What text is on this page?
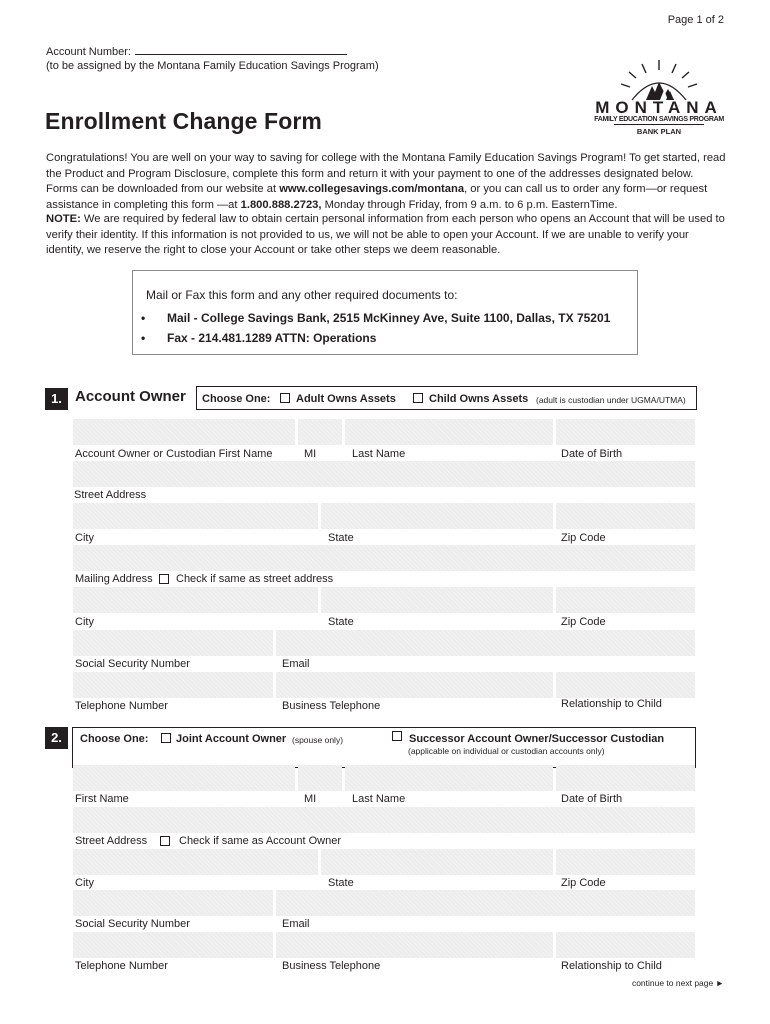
Page 1 of 2
Account Number:
(to be assigned by the Montana Family Education Savings Program)
Enrollment Change Form
MONTANA
FAMILY EDUCATION SAVINGS PROGRAM
BANK PLAN

Congratulations! You are well on your way to saving for college with the Montana Family Education Savings Program! To get started, read the Product and Program Disclosure, complete this form and return it with your payment to one of the addresses designated below. Forms can be downloaded from our website at www.collegesavings.com/montana, or you can call us to order any form—or request assistance in completing this form —at 1.800.888.2723, Monday through Friday, from 9 a.m. to 6 p.m. EasternTime.

NOTE: We are required by federal law to obtain certain personal information from each person who opens an Account that will be used to verify their identity. If this information is not provided to us, we will not be able to open your Account. If we are unable to verify your identity, we reserve the right to close your Account or take other steps we deem reasonable.

Mail or Fax this form and any other required documents to:
• Mail - College Savings Bank, 2515 McKinney Ave, Suite 1100, Dallas, TX 75201
• Fax - 214.481.1289 ATTN: Operations
1. Account Owner Choose One: Adult Owns Assets	Child Owns Assets (adult is custodian under UGMA/UTMA)
Account Owner or Custodian First Name	MI	Last Name	Date of Birth
Street Address
City	State	Zip Code
Mailing Address Check if same as street address
City	State	Zip Code
Social Security Number	Email
Telephone Number	Business Telephone	Relationship to Child
2.	Choose One:	Joint Account Owner (spouse only)	Successor Account Owner/Successor Custodian
(applicable on individual or custodian accounts only)
First Name	MI	Last Name	Date of Birth
Street Address	Check if same as Account Owner
City	State	Zip Code
Social Security Number	Email
Telephone Number	Business Telephone	Relationship to Child
continue to next page ►
